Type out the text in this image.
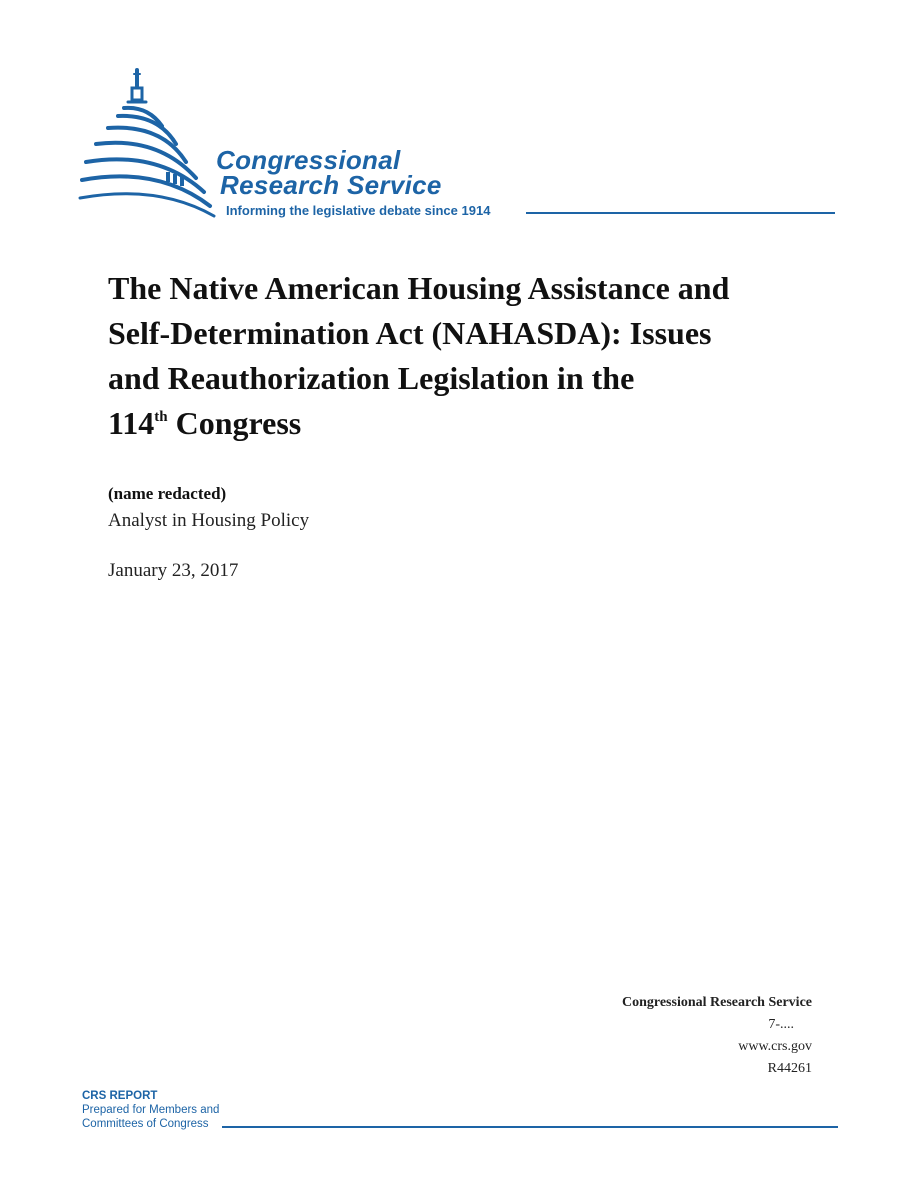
Congressional
Research Service
Informing the legislative debate since 1914
The Native American Housing Assistance and
Self-Determination Act (NAHASDA): Issues
and Reauthorization Legislation in the
114th Congress
(name redacted)
Analyst in Housing Policy
January 23, 2017
Congressional Research Service
7-....
www.crs.gov
R44261
CRS REPORT
Prepared for Members and
Committees of Congress
